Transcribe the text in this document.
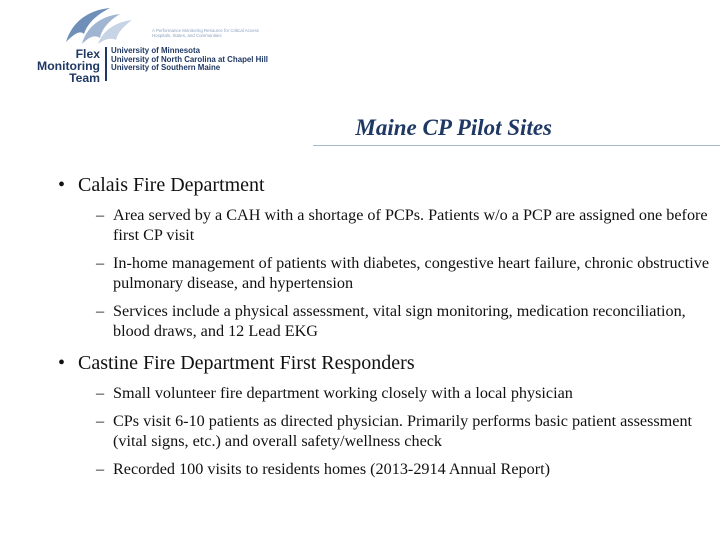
A Performance Monitoring Resource for Critical Access Hospitals, States, and Communities
Flex
Monitoring
Team
University of Minnesota
University of North Carolina at Chapel Hill
University of Southern Maine
Maine CP Pilot Sites
• Calais Fire Department
– Area served by a CAH with a shortage of PCPs. Patients w/o a PCP are assigned one before first CP visit
– In-home management of patients with diabetes, congestive heart failure, chronic obstructive pulmonary disease, and hypertension
– Services include a physical assessment, vital sign monitoring, medication reconciliation, blood draws, and 12 Lead EKG
• Castine Fire Department First Responders
– Small volunteer fire department working closely with a local physician
– CPs visit 6-10 patients as directed physician. Primarily performs basic patient assessment (vital signs, etc.) and overall safety/wellness check
– Recorded 100 visits to residents homes (2013-2914 Annual Report)
